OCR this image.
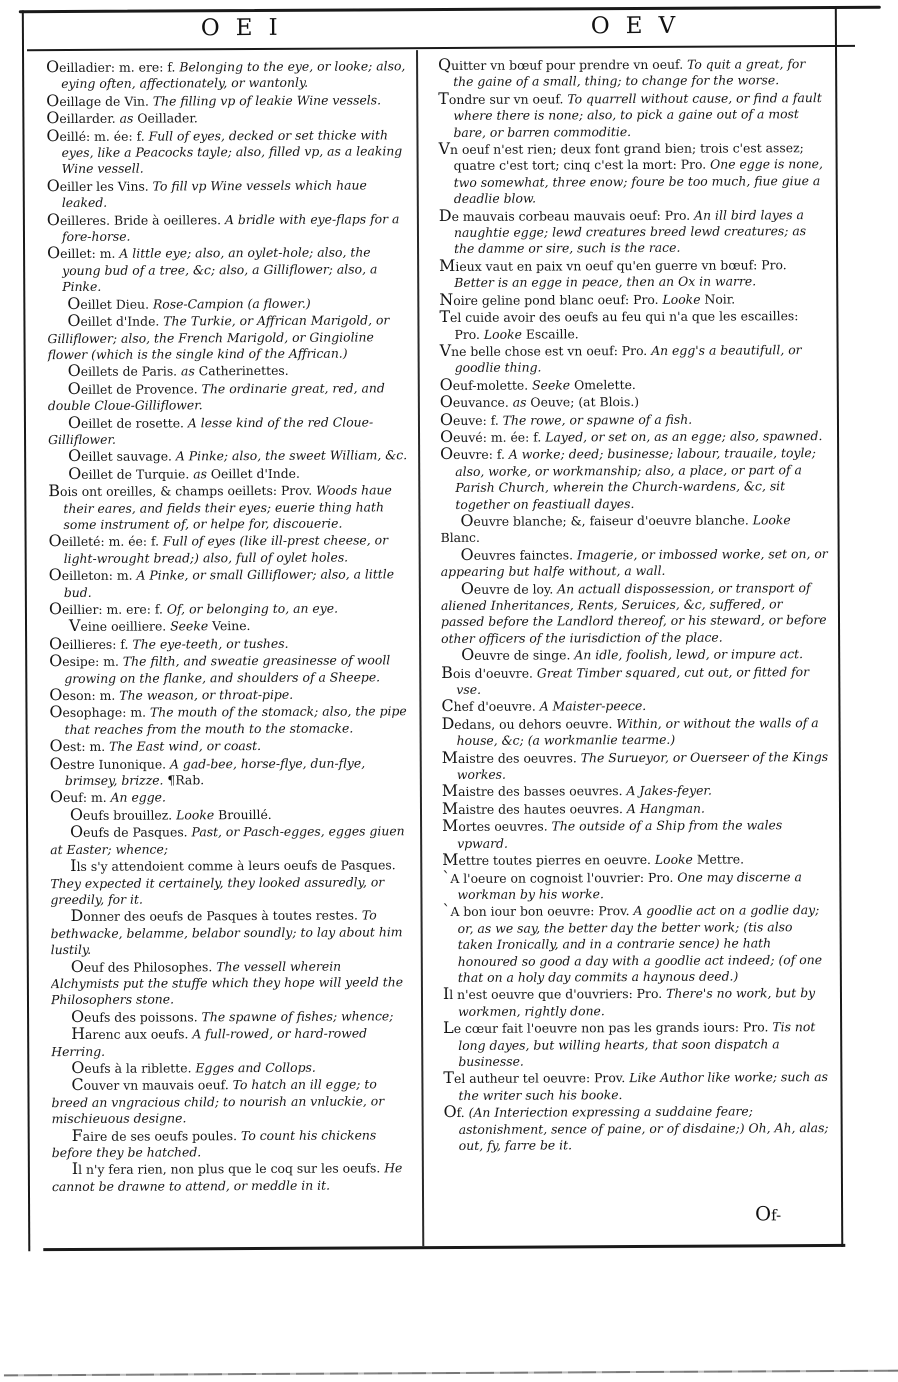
OEI	OEV

Oeilladier: m. ere: f. Belonging to the eye, or looke; also, eying often, affectionately, or wantonly.

Oeillage de Vin. The filling vp of leakie Wine vessels.

Oeillarder. as Oeillader.

Oeillé: m. ée: f. Full of eyes, decked or set thicke with eyes, like a Peacocks tayle; also, filled vp, as a leaking Wine vessell.

Oeiller les Vins. To fill vp Wine vessels which haue leaked.

Oeilleres. Bride à oeilleres. A bridle with eye-flaps for a fore-horse.

Oeillet: m. A little eye; also, an oylet-hole; also, the young bud of a tree, &c; also, a Gilliflower; also, a Pinke.

Oeillet Dieu. Rose-Campion (a flower.)

Oeillet d'Inde. The Turkie, or Affrican Marigold, or Gilliflower; also, the French Marigold, or Gingioline flower (which is the single kind of the Affrican.)

Oeillets de Paris. as Catherinettes.

Oeillet de Provence. The ordinarie great, red, and double Cloue-Gilliflower.

Oeillet de rosette. A lesse kind of the red Cloue-Gilliflower.

Oeillet sauvage. A Pinke; also, the sweet William, &c.

Oeillet de Turquie. as Oeillet d'Inde.

Bois ont oreilles, & champs oeillets: Prov. Woods haue their eares, and fields their eyes; euerie thing hath some instrument of, or helpe for, discouerie.

Oeilleté: m. ée: f. Full of eyes (like ill-prest cheese, or light-wrought bread;) also, full of oylet holes.

Oeilleton: m. A Pinke, or small Gilliflower; also, a little bud.

Oeillier: m. ere: f. Of, or belonging to, an eye.

Veine oeilliere. Seeke Veine.

Oeillieres: f. The eye-teeth, or tushes.

Oesipe: m. The filth, and sweatie greasinesse of wooll growing on the flanke, and shoulders of a Sheepe.

Oeson: m. The weason, or throat-pipe.

Oesophage: m. The mouth of the stomack; also, the pipe that reaches from the mouth to the stomacke.

Oest: m. The East wind, or coast.

Oestre Iunonique. A gad-bee, horse-flye, dun-flye, brimsey, brizze. ¶Rab.

Oeuf: m. An egge.

Oeufs brouillez. Looke Brouillé.

Oeufs de Pasques. Past, or Pasch-egges, egges giuen at Easter; whence;

Ils s'y attendoient comme à leurs oeufs de Pasques. They expected it certainely, they looked assuredly, or greedily, for it.

Donner des oeufs de Pasques à toutes restes. To bethwacke, belamme, belabor soundly; to lay about him lustily.

Oeuf des Philosophes. The vessell wherein Alchymists put the stuffe which they hope will yeeld the Philosophers stone.

Oeufs des poissons. The spawne of fishes; whence;

Harenc aux oeufs. A full-rowed, or hard-rowed Herring.

Oeufs à la riblette. Egges and Collops.

Couver vn mauvais oeuf. To hatch an ill egge; to breed an vngracious child; to nourish an vnluckie, or mischieuous designe.

Faire de ses oeufs poules. To count his chickens before they be hatched.

Il n'y fera rien, non plus que le coq sur les oeufs. He cannot be drawne to attend, or meddle in it.

Quitter vn bœuf pour prendre vn oeuf. To quit a great, for the gaine of a small, thing; to change for the worse.

Tondre sur vn oeuf. To quarrell without cause, or find a fault where there is none; also, to pick a gaine out of a most bare, or barren commoditie.

Vn oeuf n'est rien; deux font grand bien; trois c'est assez; quatre c'est tort; cinq c'est la mort: Pro. One egge is none, two somewhat, three enow; foure be too much, fiue giue a deadlie blow.

De mauvais corbeau mauvais oeuf: Pro. An ill bird layes a naughtie egge; lewd creatures breed lewd creatures; as the damme or sire, such is the race.

Mieux vaut en paix vn oeuf qu'en guerre vn bœuf: Pro. Better is an egge in peace, then an Ox in warre.

Noire geline pond blanc oeuf: Pro. Looke Noir.

Tel cuide avoir des oeufs au feu qui n'a que les escailles: Pro. Looke Escaille.

Vne belle chose est vn oeuf: Pro. An egg's a beautifull, or goodlie thing.

Oeuf-molette. Seeke Omelette.

Oeuvance. as Oeuve; (at Blois.)

Oeuve: f. The rowe, or spawne of a fish.

Oeuvé: m. ée: f. Layed, or set on, as an egge; also, spawned.

Oeuvre: f. A worke; deed; businesse; labour, trauaile, toyle; also, worke, or workmanship; also, a place, or part of a Parish Church, wherein the Church-wardens, &c, sit together on feastiuall dayes.

Oeuvre blanche; &, faiseur d'oeuvre blanche. Looke Blanc.

Oeuvres fainctes. Imagerie, or imbossed worke, set on, or appearing but halfe without, a wall.

Oeuvre de loy. An actuall dispossession, or transport of aliened Inheritances, Rents, Seruices, &c, suffered, or passed before the Landlord thereof, or his steward, or before other officers of the iurisdiction of the place.

Oeuvre de singe. An idle, foolish, lewd, or impure act.

Bois d'oeuvre. Great Timber squared, cut out, or fitted for vse.

Chef d'oeuvre. A Maister-peece.

Dedans, ou dehors oeuvre. Within, or without the walls of a house, &c; (a workmanlie tearme.)

Maistre des oeuvres. The Surueyor, or Ouerseer of the Kings workes.

Maistre des basses oeuvres. A Jakes-feyer.

Maistre des hautes oeuvres. A Hangman.

Mortes oeuvres. The outside of a Ship from the wales vpward.

Mettre toutes pierres en oeuvre. Looke Mettre.

`A l'oeure on cognoist l'ouvrier: Pro. One may discerne a workman by his worke.

`A bon iour bon oeuvre: Prov. A goodlie act on a godlie day; or, as we say, the better day the better work; (tis also taken Ironically, and in a contrarie sence) he hath honoured so good a day with a goodlie act indeed; (of one that on a holy day commits a haynous deed.)

Il n'est oeuvre que d'ouvriers: Pro. There's no work, but by workmen, rightly done.

Le cœur fait l'oeuvre non pas les grands iours: Pro. Tis not long dayes, but willing hearts, that soon dispatch a businesse.

Tel autheur tel oeuvre: Prov. Like Author like worke; such as the writer such his booke.

Of. (An Interiection expressing a suddaine feare; astonishment, sence of paine, or of disdaine;) Oh, Ah, alas; out, fy, farre be it.

Of-
